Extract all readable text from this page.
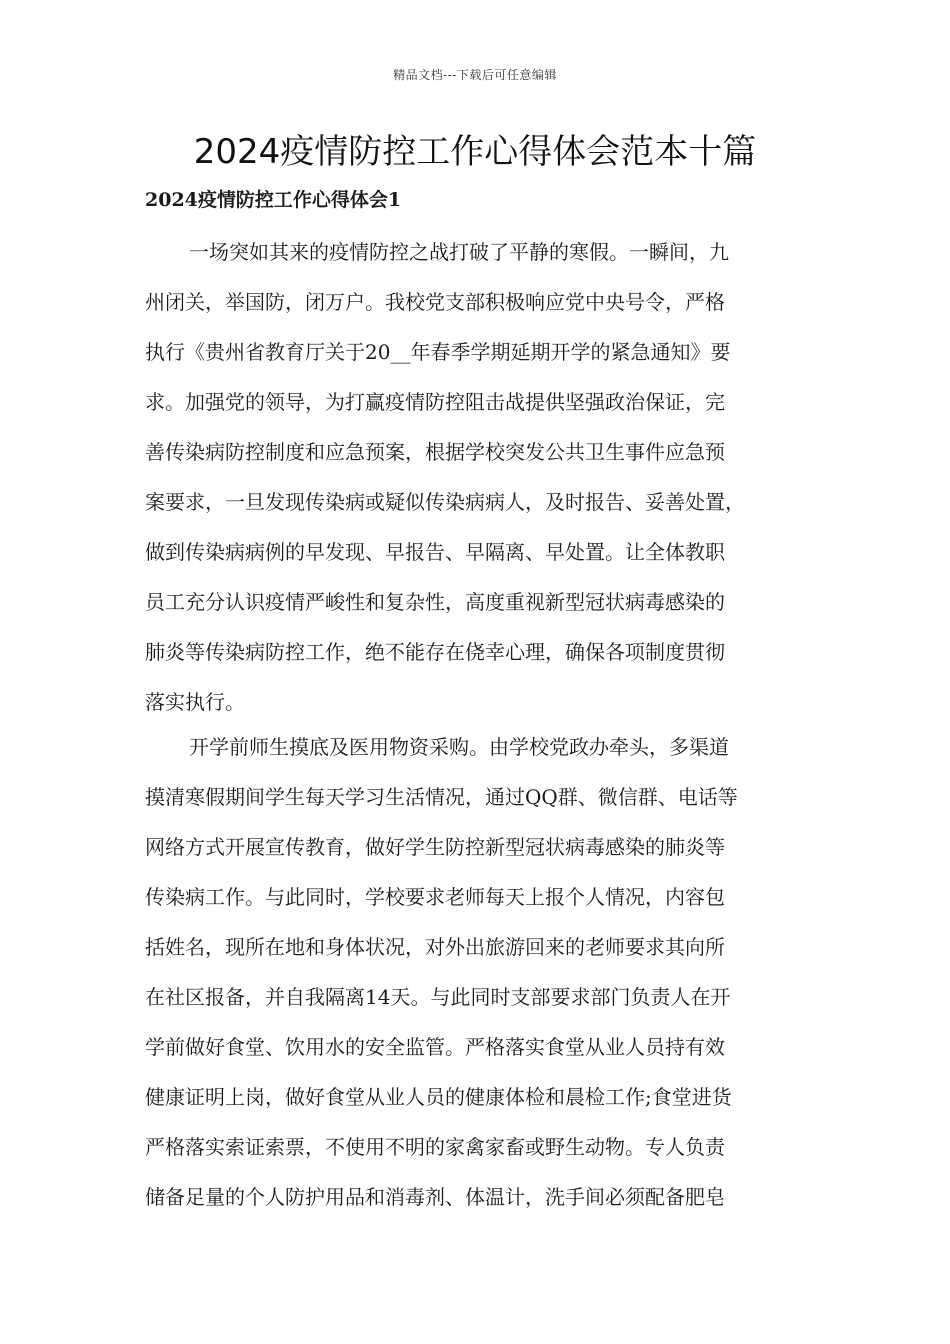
精品文档---下载后可任意编辑
2024疫情防控工作心得体会范本十篇
2024疫情防控工作心得体会1
一场突如其来的疫情防控之战打破了平静的寒假。一瞬间，九
州闭关，举国防，闭万户。我校党支部积极响应党中央号令，严格
执行《贵州省教育厅关于20__年春季学期延期开学的紧急通知》要
求。加强党的领导，为打赢疫情防控阻击战提供坚强政治保证，完
善传染病防控制度和应急预案，根据学校突发公共卫生事件应急预
案要求，一旦发现传染病或疑似传染病病人，及时报告、妥善处置，
做到传染病病例的早发现、早报告、早隔离、早处置。让全体教职
员工充分认识疫情严峻性和复杂性，高度重视新型冠状病毒感染的
肺炎等传染病防控工作，绝不能存在侥幸心理，确保各项制度贯彻
落实执行。
开学前师生摸底及医用物资采购。由学校党政办牵头，多渠道
摸清寒假期间学生每天学习生活情况，通过QQ群、微信群、电话等
网络方式开展宣传教育，做好学生防控新型冠状病毒感染的肺炎等
传染病工作。与此同时，学校要求老师每天上报个人情况，内容包
括姓名，现所在地和身体状况，对外出旅游回来的老师要求其向所
在社区报备，并自我隔离14天。与此同时支部要求部门负责人在开
学前做好食堂、饮用水的安全监管。严格落实食堂从业人员持有效
健康证明上岗，做好食堂从业人员的健康体检和晨检工作;食堂进货
严格落实索证索票，不使用不明的家禽家畜或野生动物。专人负责
储备足量的个人防护用品和消毒剂、体温计，洗手间必须配备肥皂
